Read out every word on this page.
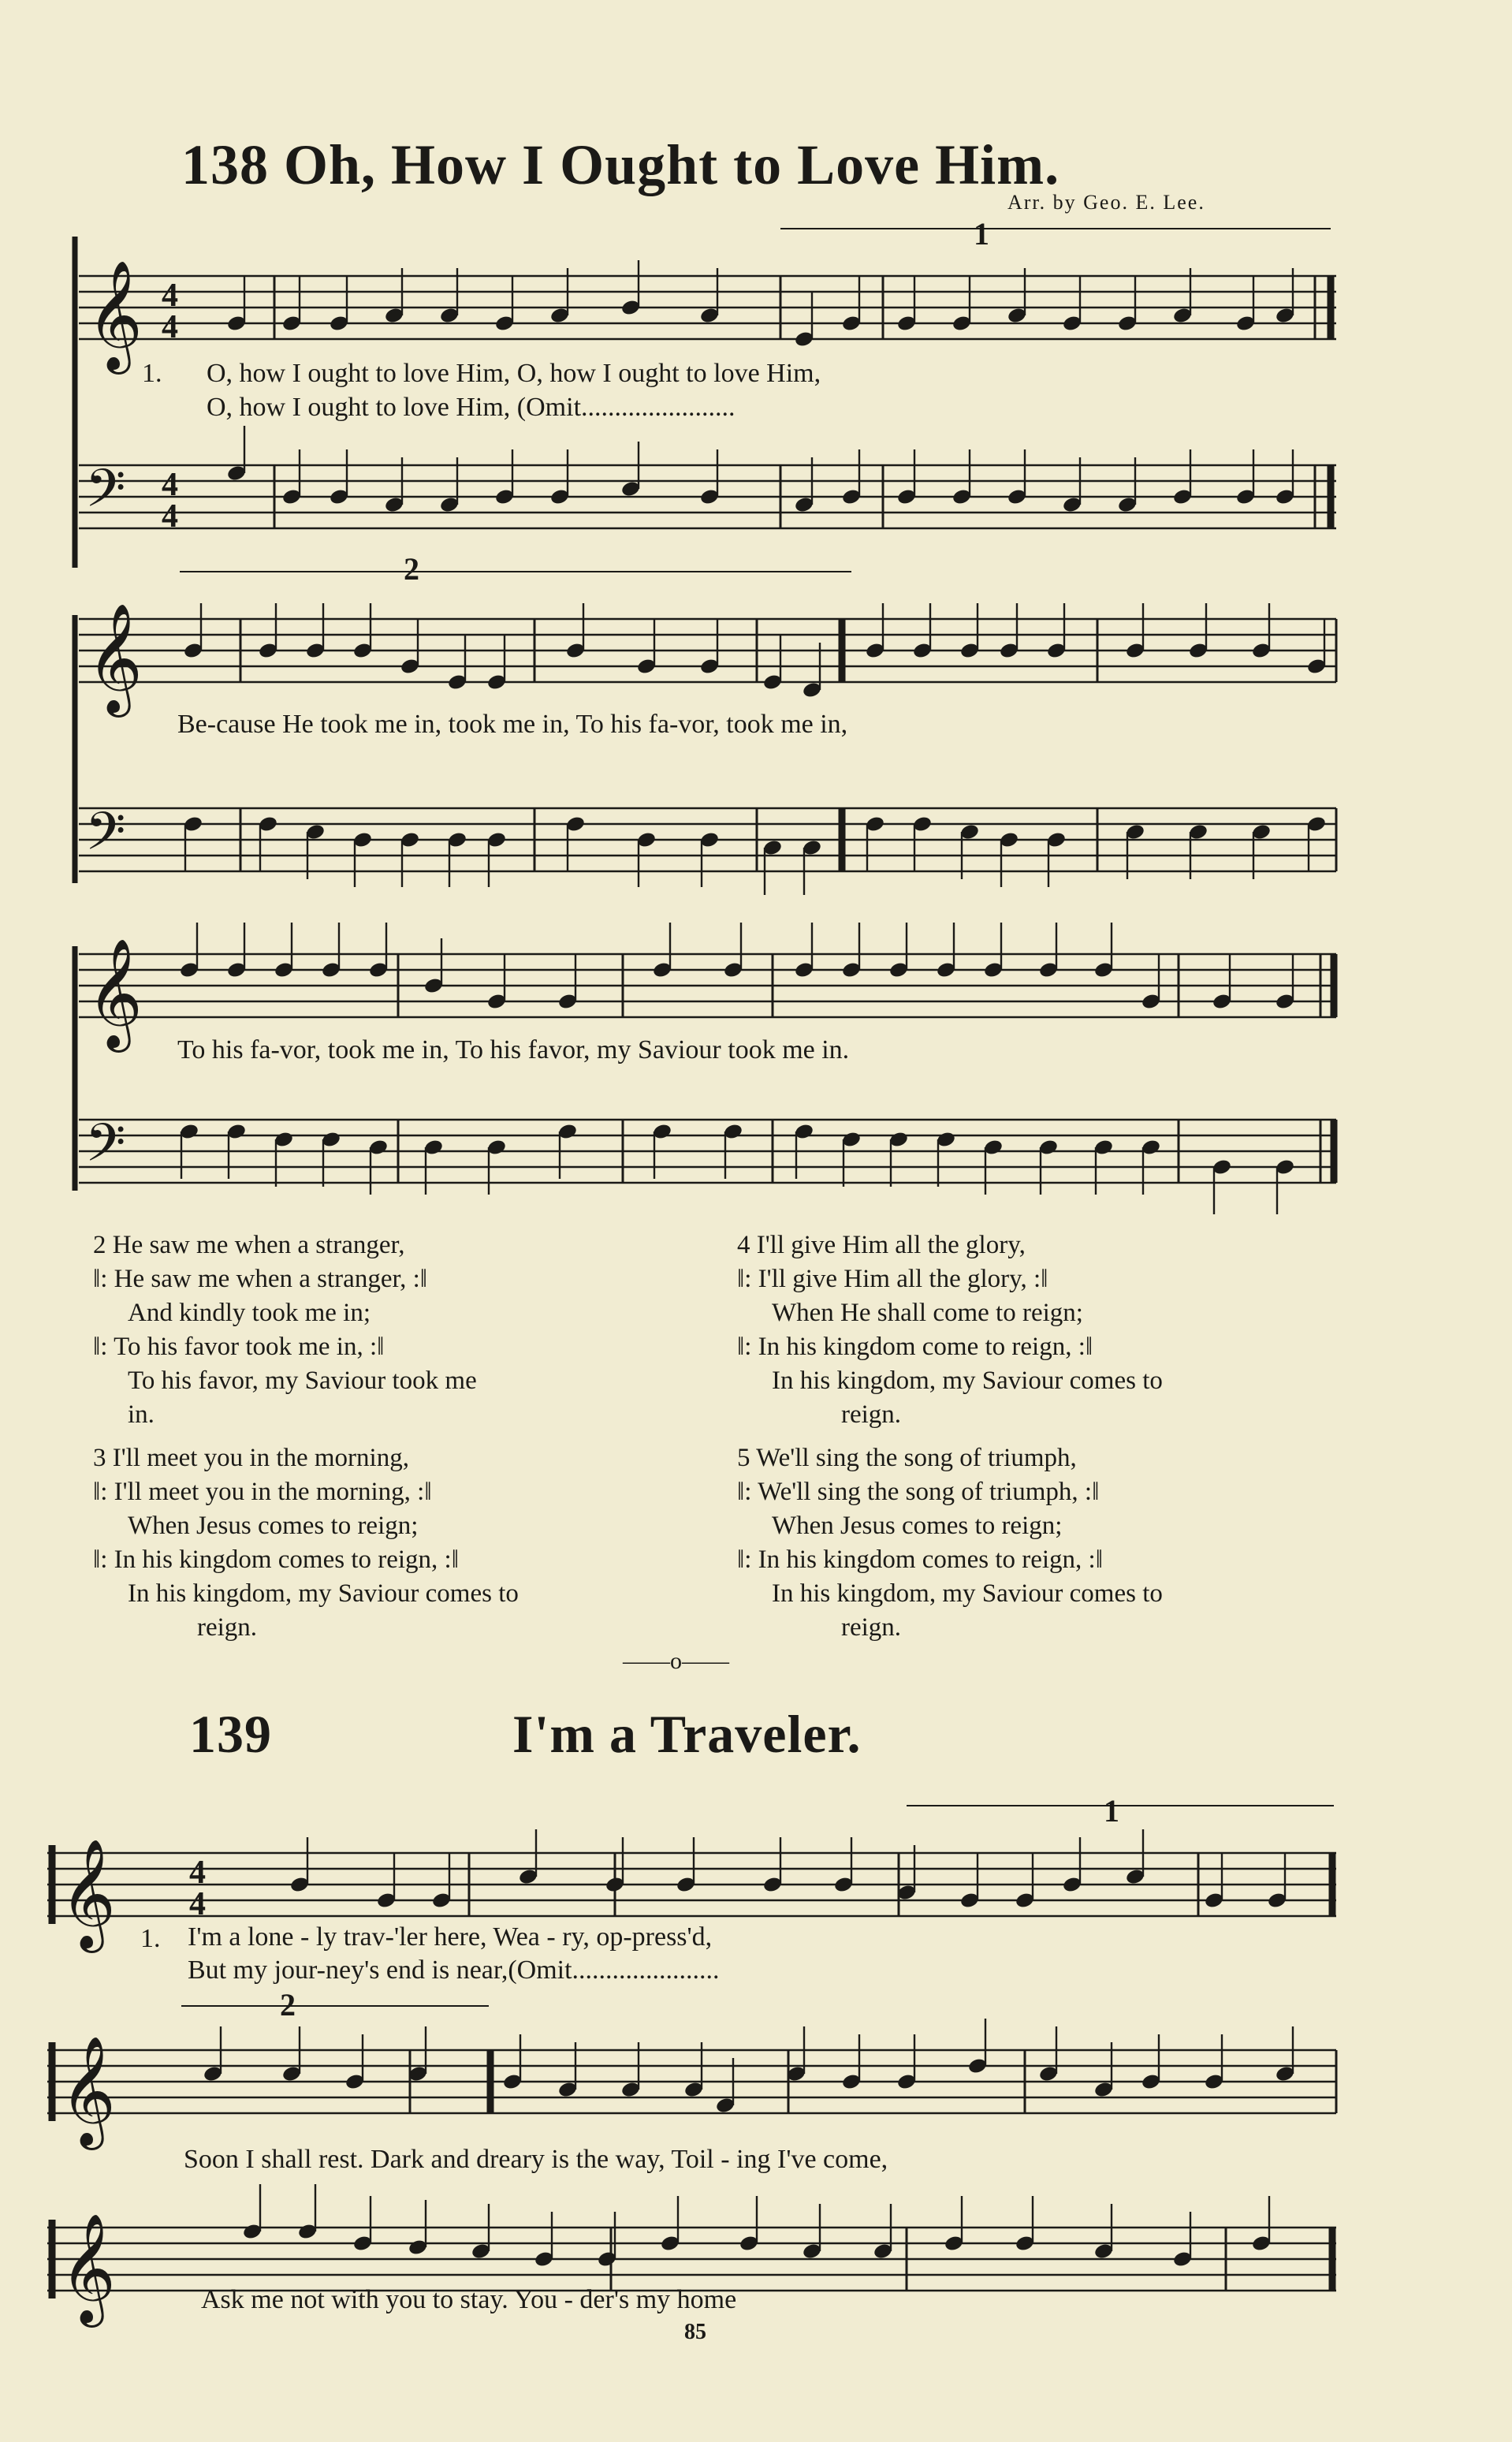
138 Oh, How I Ought to Love Him.
Arr. by Geo. E. Lee.
1
𝄞 4
4
1. O, how I ought to love Him, O, how I ought to love Him,
O, how I ought to love Him, (Omit.......................
𝄢 4
4
2
𝄞
Be-cause He took me in, took me in, To his fa-vor, took me in,
𝄢
𝄞
To his fa-vor, took me in, To his favor, my Saviour took me in.
𝄢
2 He saw me when a stranger,
‖: He saw me when a stranger, :‖
And kindly took me in;
‖: To his favor took me in, :‖
To his favor, my Saviour took me
in.
3 I'll meet you in the morning,
‖: I'll meet you in the morning, :‖
When Jesus comes to reign;
‖: In his kingdom comes to reign, :‖
In his kingdom, my Saviour comes to
reign.
4 I'll give Him all the glory,
‖: I'll give Him all the glory, :‖
When He shall come to reign;
‖: In his kingdom come to reign, :‖
In his kingdom, my Saviour comes to
reign.
5 We'll sing the song of triumph,
‖: We'll sing the song of triumph, :‖
When Jesus comes to reign;
‖: In his kingdom comes to reign, :‖
In his kingdom, my Saviour comes to
reign.
——o——
139	I'm a Traveler.
1
𝄞 4
4
1. I'm a lone - ly trav-'ler here, Wea - ry, op-press'd,
But my jour-ney's end is near,(Omit......................
2
𝄞
Soon I shall rest. Dark and dreary is the way, Toil - ing I've come,
𝄞	Ask me not with you to stay. You - der's my home
85
